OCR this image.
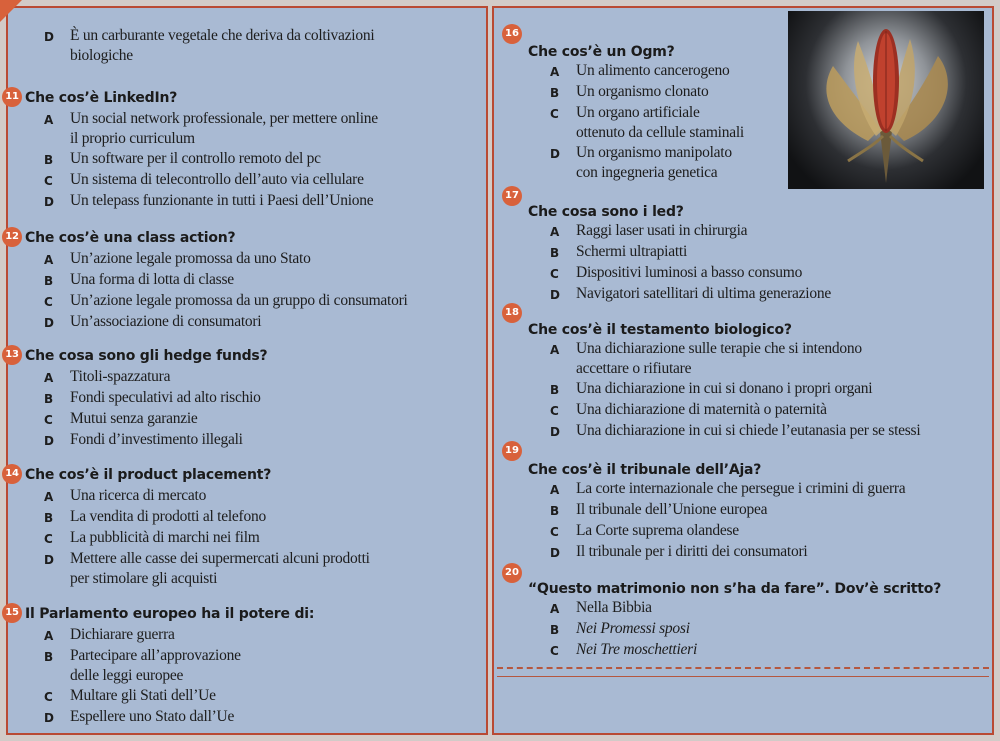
D	È un carburante vegetale che deriva da coltivazioni
biologiche
11 Che cos’è LinkedIn?
A	Un social network professionale, per mettere online
il proprio curriculum
B	Un software per il controllo remoto del pc
C	Un sistema di telecontrollo dell’auto via cellulare
D	Un telepass funzionante in tutti i Paesi dell’Unione
12 Che cos’è una class action?
A	Un’azione legale promossa da uno Stato
B	Una forma di lotta di classe
C	Un’azione legale promossa da un gruppo di consumatori
D	Un’associazione di consumatori
13 Che cosa sono gli hedge funds?
A	Titoli-spazzatura
B	Fondi speculativi ad alto rischio
C	Mutui senza garanzie
D	Fondi d’investimento illegali
14 Che cos’è il product placement?
A	Una ricerca di mercato
B	La vendita di prodotti al telefono
C	La pubblicità di marchi nei film
D	Mettere alle casse dei supermercati alcuni prodotti
per stimolare gli acquisti
15 Il Parlamento europeo ha il potere di:
A	Dichiarare guerra
B	Partecipare all’approvazione
delle leggi europee
C	Multare gli Stati dell’Ue
D	Espellere uno Stato dall’Ue
16
Che cos’è un Ogm?
A	Un alimento cancerogeno
B	Un organismo clonato
C	Un organo artificiale
ottenuto da cellule staminali
D	Un organismo manipolato
con ingegneria genetica
17
Che cosa sono i led?
A	Raggi laser usati in chirurgia
B	Schermi ultrapiatti
C	Dispositivi luminosi a basso consumo
D	Navigatori satellitari di ultima generazione
18
Che cos’è il testamento biologico?
A	Una dichiarazione sulle terapie che si intendono
accettare o rifiutare
B	Una dichiarazione in cui si donano i propri organi
C	Una dichiarazione di maternità o paternità
D	Una dichiarazione in cui si chiede l’eutanasia per se stessi
19
Che cos’è il tribunale dell’Aja?
A	La corte internazionale che persegue i crimini di guerra
B	Il tribunale dell’Unione europea
C	La Corte suprema olandese
D	Il tribunale per i diritti dei consumatori
20
“Questo matrimonio non s’ha da fare”. Dov’è scritto?
A	Nella Bibbia
B	Nei Promessi sposi
C	Nei Tre moschettieri
